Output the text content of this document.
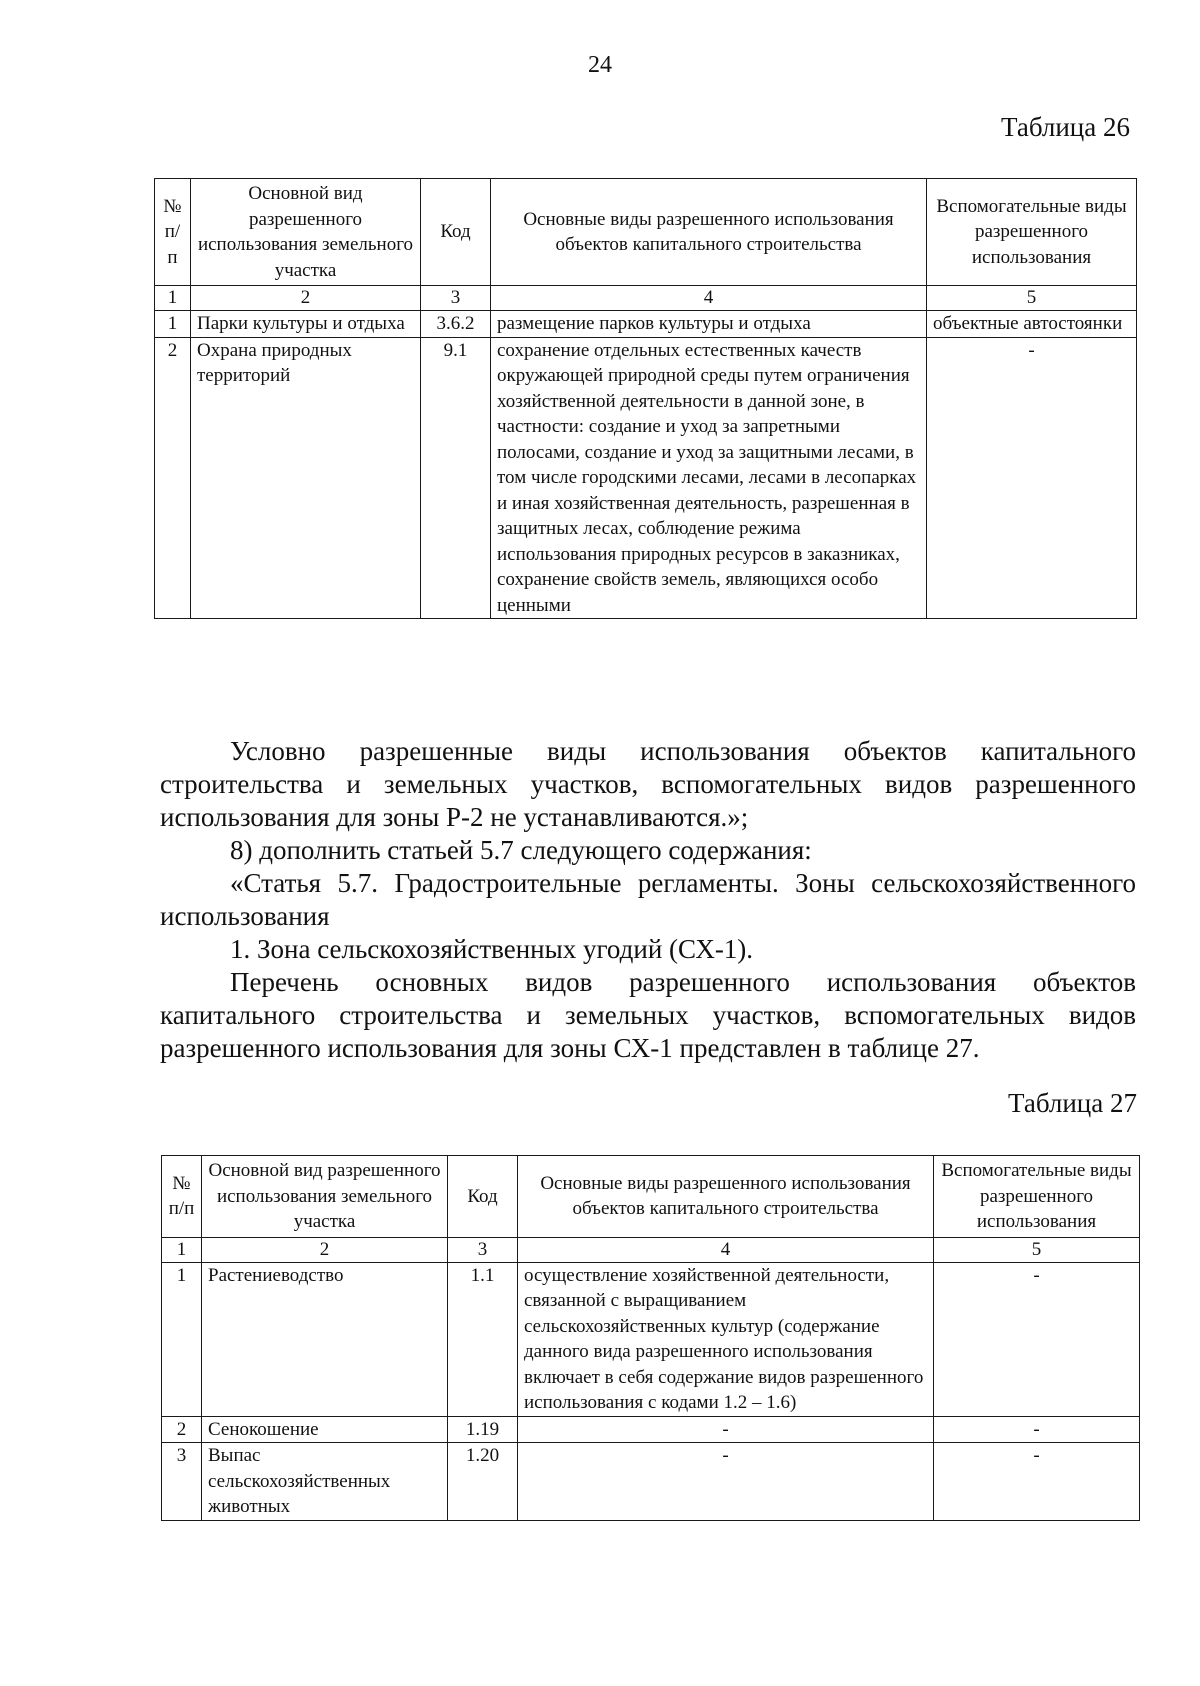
24
Таблица 26
№ п/п	Основной вид разрешенного использования земельного участка	Код	Основные виды разрешенного использования объектов капитального строительства	Вспомогательные виды разрешенного использования
1	2	3	4	5
1	Парки культуры и отдыха	3.6.2	размещение парков культуры и отдыха	объектные автостоянки
2	Охрана природных территорий	9.1	сохранение отдельных естественных качеств окружающей природной среды путем ограничения хозяйственной деятельности в данной зоне, в частности: создание и уход за запретными полосами, создание и уход за защитными лесами, в том числе городскими лесами, лесами в лесопарках и иная хозяйственная деятельность, разрешенная в защитных лесах, соблюдение режима использования природных ресурсов в заказниках, сохранение свойств земель, являющихся особо ценными	-

Условно разрешенные виды использования объектов капитального строительства и земельных участков, вспомогательных видов разрешенного использования для зоны Р-2 не устанавливаются.»;

8) дополнить статьей 5.7 следующего содержания:

«Статья 5.7. Градостроительные регламенты. Зоны сельскохозяйственного использования

1. Зона сельскохозяйственных угодий (СХ-1).

Перечень основных видов разрешенного использования объектов капитального строительства и земельных участков, вспомогательных видов разрешенного использования для зоны СХ-1 представлен в таблице 27.

Таблица 27
№ п/п	Основной вид разрешенного использования земельного участка	Код	Основные виды разрешенного использования объектов капитального строительства	Вспомогательные виды разрешенного использования
1	2	3	4	5
1	Растениеводство	1.1	осуществление хозяйственной деятельности, связанной с выращиванием сельскохозяйственных культур (содержание данного вида разрешенного использования включает в себя содержание видов разрешенного использования с кодами 1.2 – 1.6)	-
2	Сенокошение	1.19	-	-
3	Выпас сельскохозяйственных животных	1.20	-	-
